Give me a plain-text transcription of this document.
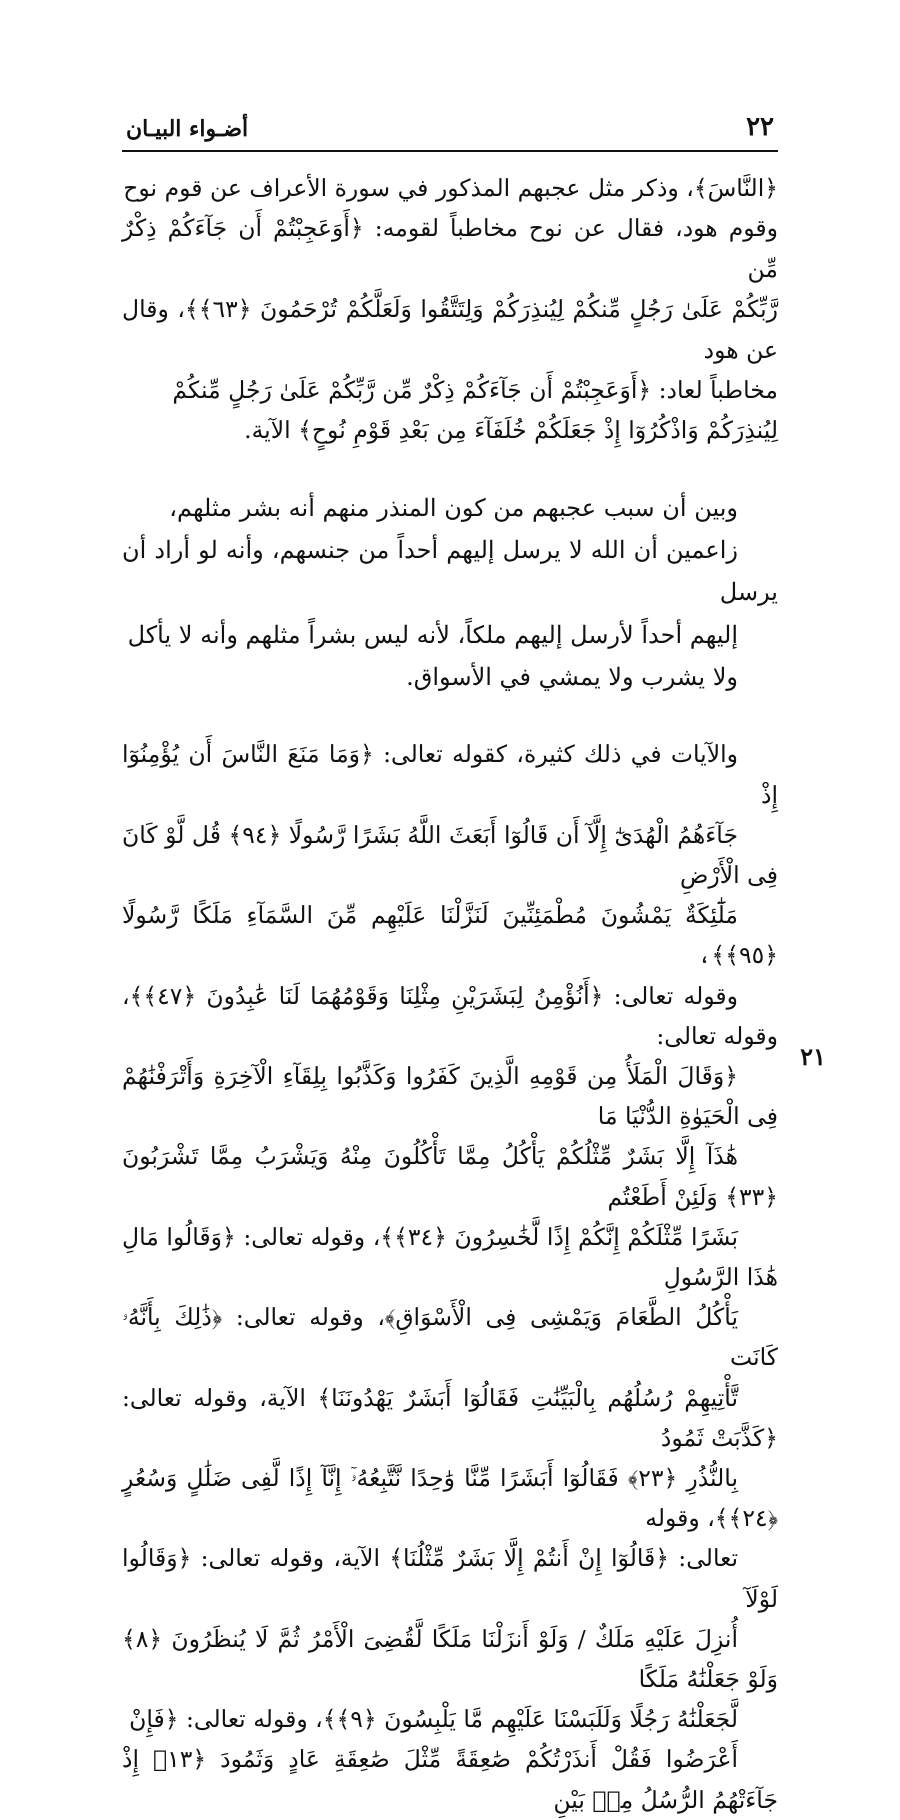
٢٢
أضـواء البيـان

﴿النَّاسَ﴾، وذكر مثل عجبهم المذكور في سورة الأعراف عن قوم نوح
وقوم هود، فقال عن نوح مخاطباً لقومه: ﴿أَوَعَجِبْتُمْ أَن جَآءَكُمْ ذِكْرٌ مِّن
رَّبِّكُمْ عَلَىٰ رَجُلٍ مِّنكُمْ لِيُنذِرَكُمْ وَلِتَتَّقُوا وَلَعَلَّكُمْ تُرْحَمُونَ ﴿٦٣﴾﴾، وقال عن هود
مخاطباً لعاد: ﴿أَوَعَجِبْتُمْ أَن جَآءَكُمْ ذِكْرٌ مِّن رَّبِّكُمْ عَلَىٰ رَجُلٍ مِّنكُمْ
لِيُنذِرَكُمْ وَاذْكُرُوٓا إِذْ جَعَلَكُمْ خُلَفَآءَ مِن بَعْدِ قَوْمِ نُوحٍ﴾ الآية.

وبين أن سبب عجبهم من كون المنذر منهم أنه بشر مثلهم،
زاعمين أن الله لا يرسل إليهم أحداً من جنسهم، وأنه لو أراد أن يرسل
إليهم أحداً لأرسل إليهم ملكاً، لأنه ليس بشراً مثلهم وأنه لا يأكل
ولا يشرب ولا يمشي في الأسواق.

والآيات في ذلك كثيرة، كقوله تعالى: ﴿وَمَا مَنَعَ النَّاسَ أَن يُؤْمِنُوٓا إِذْ
جَآءَهُمُ الْهُدَىٰٓ إِلَّآ أَن قَالُوٓا أَبَعَثَ اللَّهُ بَشَرًا رَّسُولًا ﴿٩٤﴾ قُل لَّوْ كَانَ فِى الْأَرْضِ
مَلَٰٓئِكَةٌ يَمْشُونَ مُطْمَئِنِّينَ لَنَزَّلْنَا عَلَيْهِم مِّنَ السَّمَآءِ مَلَكًا رَّسُولًا ﴿٩٥﴾﴾،
وقوله تعالى: ﴿أَنُؤْمِنُ لِبَشَرَيْنِ مِثْلِنَا وَقَوْمُهُمَا لَنَا عَٰبِدُونَ ﴿٤٧﴾﴾، وقوله تعالى:
﴿وَقَالَ الْمَلَأُ مِن قَوْمِهِ الَّذِينَ كَفَرُوا وَكَذَّبُوا بِلِقَآءِ الْآخِرَةِ وَأَتْرَفْنَٰهُمْ فِى الْحَيَوٰةِ الدُّنْيَا مَا
هَٰذَآ إِلَّا بَشَرٌ مِّثْلُكُمْ يَأْكُلُ مِمَّا تَأْكُلُونَ مِنْهُ وَيَشْرَبُ مِمَّا تَشْرَبُونَ ﴿٣٣﴾ وَلَئِنْ أَطَعْتُم
بَشَرًا مِّثْلَكُمْ إِنَّكُمْ إِذًا لَّخَٰسِرُونَ ﴿٣٤﴾﴾، وقوله تعالى: ﴿وَقَالُوا مَالِ هَٰذَا الرَّسُولِ
يَأْكُلُ الطَّعَامَ وَيَمْشِى فِى الْأَسْوَاقِ﴾، وقوله تعالى: ﴿ذَٰلِكَ بِأَنَّهُۥ كَانَت
تَّأْتِيهِمْ رُسُلُهُم بِالْبَيِّنَٰتِ فَقَالُوٓا أَبَشَرٌ يَهْدُونَنَا﴾ الآية، وقوله تعالى: ﴿كَذَّبَتْ ثَمُودُ
بِالنُّذُرِ ﴿٢٣﴾ فَقَالُوٓا أَبَشَرًا مِّنَّا وَٰحِدًا نَّتَّبِعُهُۥٓ إِنَّآ إِذًا لَّفِى ضَلَٰلٍ وَسُعُرٍ ﴿٢٤﴾﴾، وقوله
تعالى: ﴿قَالُوٓا إِنْ أَنتُمْ إِلَّا بَشَرٌ مِّثْلُنَا﴾ الآية، وقوله تعالى: ﴿وَقَالُوا لَوْلَآ
أُنزِلَ عَلَيْهِ مَلَكٌ / وَلَوْ أَنزَلْنَا مَلَكًا لَّقُضِىَ الْأَمْرُ ثُمَّ لَا يُنظَرُونَ ﴿٨﴾ وَلَوْ جَعَلْنَٰهُ مَلَكًا
لَّجَعَلْنَٰهُ رَجُلًا وَلَلَبَسْنَا عَلَيْهِم مَّا يَلْبِسُونَ ﴿٩﴾﴾، وقوله تعالى: ﴿فَإِنْ
أَعْرَضُوا فَقُلْ أَنذَرْتُكُمْ صَٰعِقَةً مِّثْلَ صَٰعِقَةِ عَادٍ وَثَمُودَ ﴿١٣﴾ إِذْ جَآءَتْهُمُ الرُّسُلُ مِنۢ بَيْنِ

٢١
